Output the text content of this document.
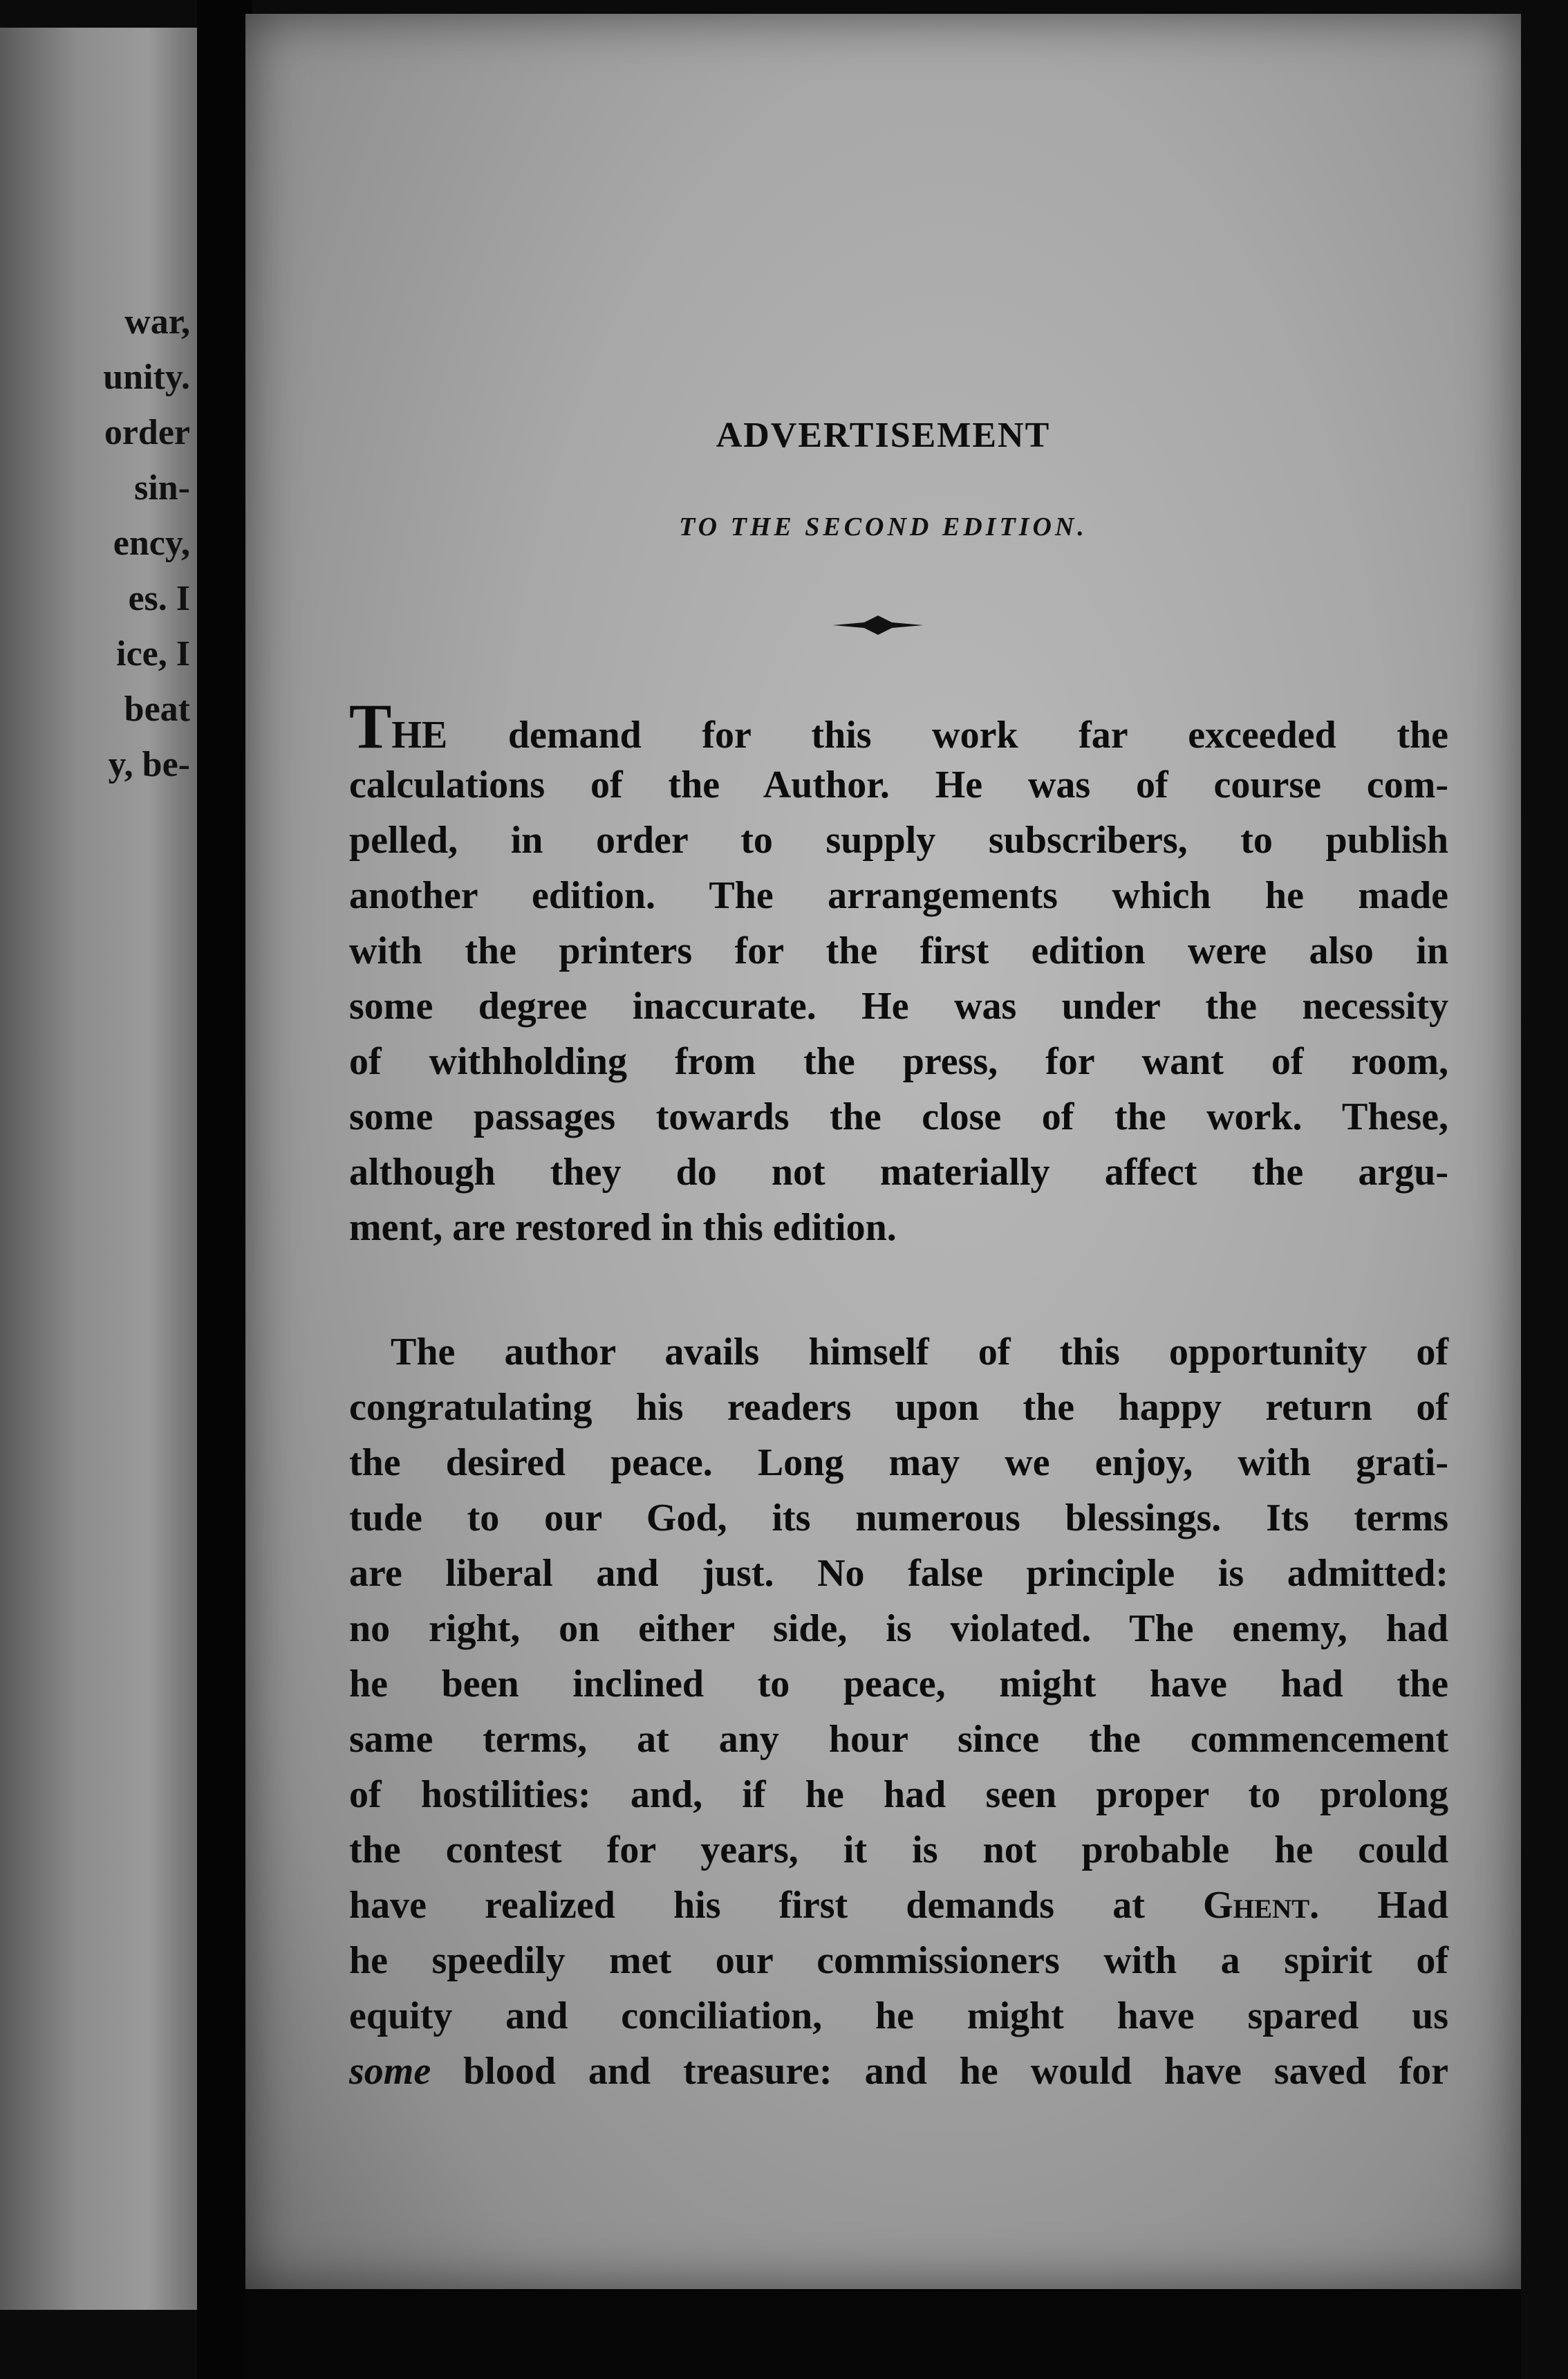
war,
unity.
order
sin-
ency,
es. I
ice, I
beat
y, be-
ADVERTISEMENT
TO THE SECOND EDITION.
THE demand for this work far exceeded the
calculations of the Author. He was of course com-
pelled, in order to supply subscribers, to publish
another edition. The arrangements which he made
with the printers for the first edition were also in
some degree inaccurate. He was under the necessity
of withholding from the press, for want of room,
some passages towards the close of the work. These,
although they do not materially affect the argu-
ment, are restored in this edition.
The author avails himself of this opportunity of
congratulating his readers upon the happy return of
the desired peace. Long may we enjoy, with grati-
tude to our God, its numerous blessings. Its terms
are liberal and just. No false principle is admitted:
no right, on either side, is violated. The enemy, had
he been inclined to peace, might have had the
same terms, at any hour since the commencement
of hostilities: and, if he had seen proper to prolong
the contest for years, it is not probable he could
have realized his first demands at Ghent. Had
he speedily met our commissioners with a spirit of
equity and conciliation, he might have spared us
some blood and treasure: and he would have saved for
